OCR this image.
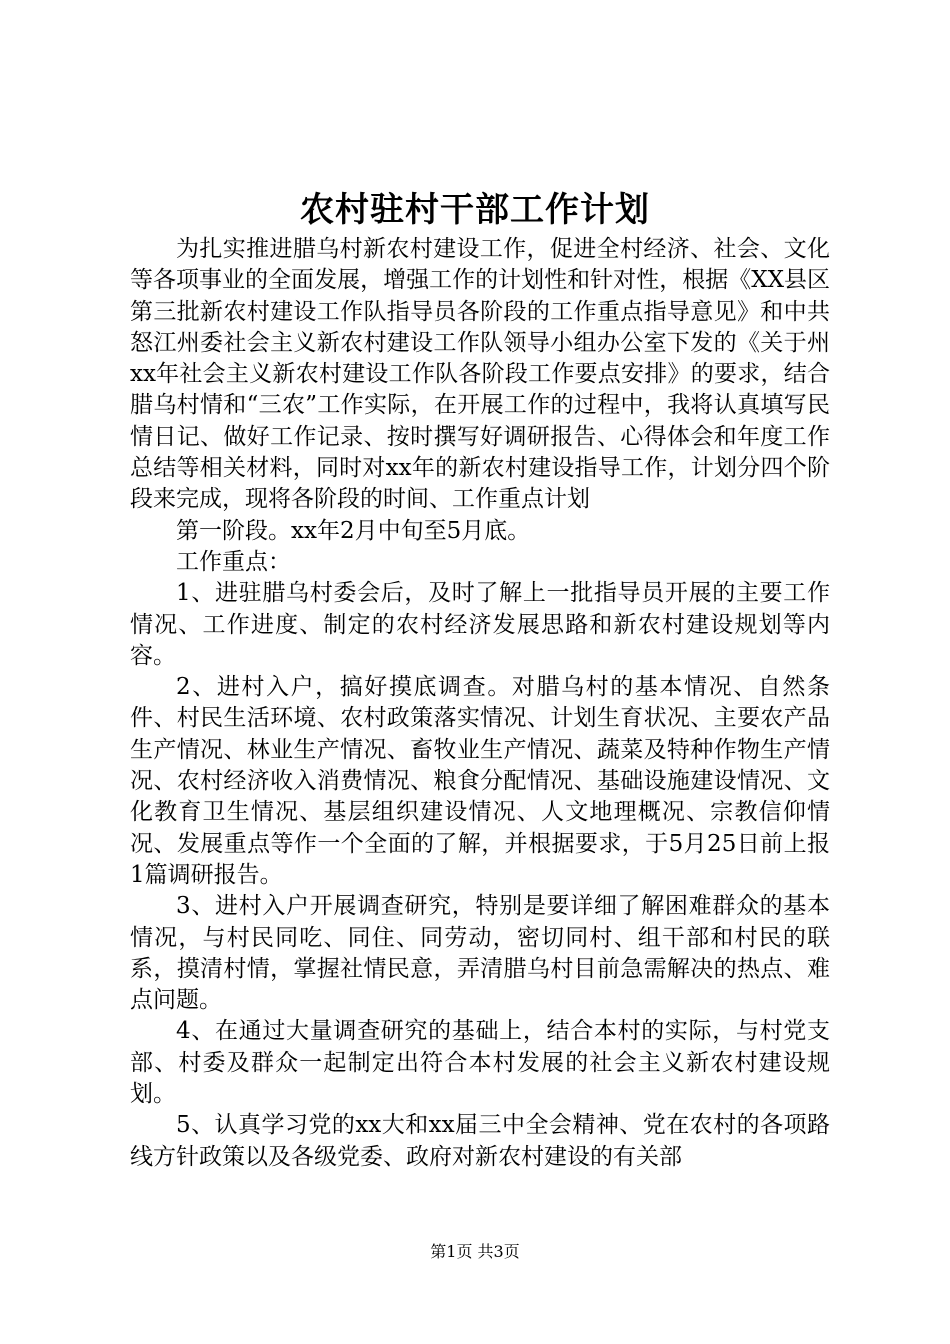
农村驻村干部工作计划

为扎实推进腊乌村新农村建设工作，促进全村经济、社会、文化等各项事业的全面发展，增强工作的计划性和针对性，根据《XX县区第三批新农村建设工作队指导员各阶段的工作重点指导意见》和中共怒江州委社会主义新农村建设工作队领导小组办公室下发的《关于州xx年社会主义新农村建设工作队各阶段工作要点安排》的要求，结合腊乌村情和“三农”工作实际，在开展工作的过程中，我将认真填写民情日记、做好工作记录、按时撰写好调研报告、心得体会和年度工作总结等相关材料，同时对xx年的新农村建设指导工作，计划分四个阶段来完成，现将各阶段的时间、工作重点计划

第一阶段。xx年2月中旬至5月底。

工作重点：

1、进驻腊乌村委会后，及时了解上一批指导员开展的主要工作情况、工作进度、制定的农村经济发展思路和新农村建设规划等内容。

2、进村入户，搞好摸底调查。对腊乌村的基本情况、自然条件、村民生活环境、农村政策落实情况、计划生育状况、主要农产品生产情况、林业生产情况、畜牧业生产情况、蔬菜及特种作物生产情况、农村经济收入消费情况、粮食分配情况、基础设施建设情况、文化教育卫生情况、基层组织建设情况、人文地理概况、宗教信仰情况、发展重点等作一个全面的了解，并根据要求，于5月25日前上报1篇调研报告。

3、进村入户开展调查研究，特别是要详细了解困难群众的基本情况，与村民同吃、同住、同劳动，密切同村、组干部和村民的联系，摸清村情，掌握社情民意，弄清腊乌村目前急需解决的热点、难点问题。

4、在通过大量调查研究的基础上，结合本村的实际，与村党支部、村委及群众一起制定出符合本村发展的社会主义新农村建设规划。

5、认真学习党的xx大和xx届三中全会精神、党在农村的各项路线方针政策以及各级党委、政府对新农村建设的有关部

第1页 共3页
